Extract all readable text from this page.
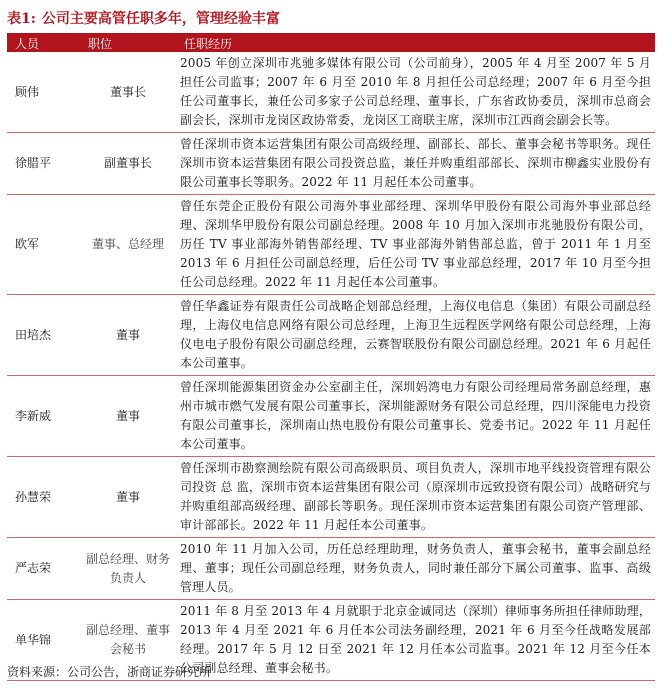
表1: 公司主要高管任职多年，管理经验丰富
人员	职位	任职经历
顾伟	董事长	2005 年创立深圳市兆驰多媒体有限公司（公司前身），2005 年 4 月至 2007 年 5 月担任公司监事；2007 年 6 月至 2010 年 8 月担任公司总经理；2007 年 6 月至今担任公司董事长，兼任公司多家子公司总经理、董事长，广东省政协委员，深圳市总商会副会长，深圳市龙岗区政协常委，龙岗区工商联主席，深圳市江西商会副会长等。
徐腊平	副董事长	曾任深圳市资本运营集团有限公司高级经理、副部长、部长、董事会秘书等职务。现任深圳市资本运营集团有限公司投资总监，兼任并购重组部部长、深圳市柳鑫实业股份有限公司董事长等职务。2022 年 11 月起任本公司董事。
欧军	董事、总经理	曾任东莞企正股份有限公司海外事业部经理、深圳华甲股份有限公司海外事业部总经理、深圳华甲股份有限公司副总经理。2008 年 10 月加入深圳市兆驰股份有限公司，历任 TV 事业部海外销售部经理、TV 事业部海外销售部总监，曾于 2011 年 1 月至 2013 年 6 月担任公司副总经理，后任公司 TV 事业部总经理，2017 年 10 月至今担任公司总经理。2022 年 11 月起任本公司董事。
田培杰	董事	曾任华鑫证券有限责任公司战略企划部总经理，上海仪电信息（集团）有限公司副总经理，上海仪电信息网络有限公司总经理，上海卫生远程医学网络有限公司总经理，上海仪电电子股份有限公司副总经理，云赛智联股份有限公司副总经理。2021 年 6 月起任本公司董事。
李新威	董事	曾任深圳能源集团资金办公室副主任，深圳妈湾电力有限公司经理局常务副总经理，惠州市城市燃气发展有限公司董事长，深圳能源财务有限公司总经理，四川深能电力投资有限公司董事长，深圳南山热电股份有限公司董事长、党委书记。2022 年 11 月起任本公司董事。
孙慧荣	董事	曾任深圳市勘察测绘院有限公司高级职员、项目负责人，深圳市地平线投资管理有限公司投资 总 监，深圳市资本运营集团有限公司（原深圳市远致投资有限公司）战略研究与并购重组部高级经理、副部长等职务。现任深圳市资本运营集团有限公司资产管理部、审计部部长。2022 年 11 月起任本公司董事。
严志荣	副总经理、财务负责人	2010 年 11 月加入公司，历任总经理助理，财务负责人，董事会秘书，董事会副总经理、董事；现任公司副总经理，财务负责人，同时兼任部分下属公司董事、监事、高级管理人员。
单华锦	副总经理、董事会秘书	2011 年 8 月至 2013 年 4 月就职于北京金诚同达（深圳）律师事务所担任律师助理，2013 年 4 月至 2021 年 6 月任本公司法务副经理，2021 年 6 月至今任战略发展部经理。2017 年 5 月 12 日至 2021 年 12 月任本公司监事。2021 年 12 月至今任本公司副总经理、董事会秘书。
资料来源：公司公告，浙商证券研究所
